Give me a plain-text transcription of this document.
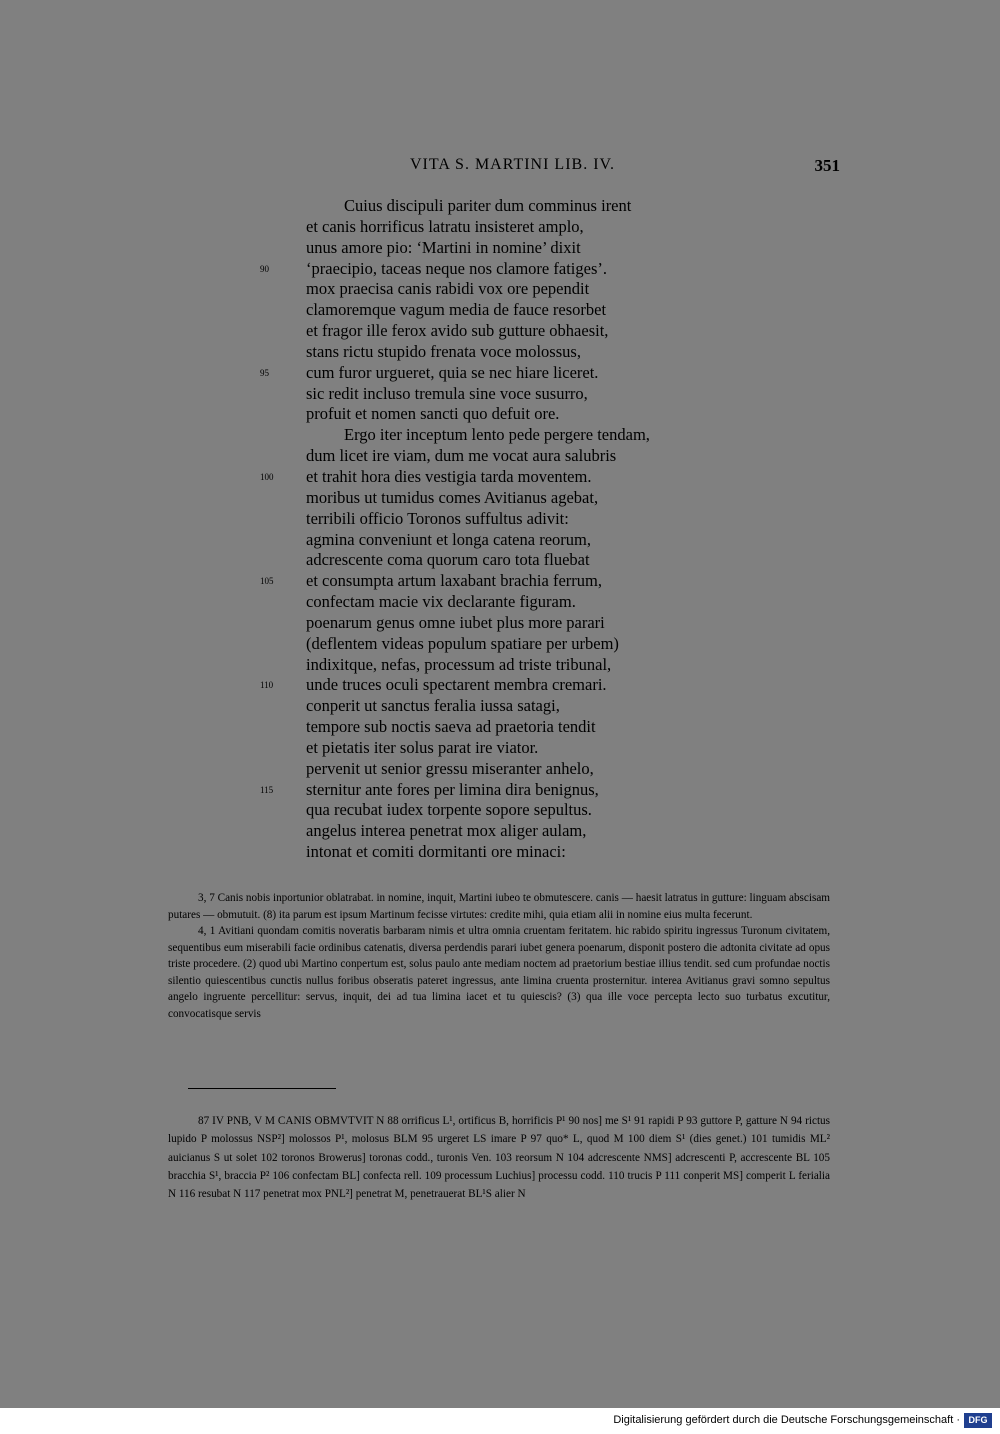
VITA S. MARTINI LIB. IV.	351
Cuius discipuli pariter dum comminus irent
et canis horrificus latratu insisteret amplo,
unus amore pio: ‘Martini in nomine’ dixit
90	‘praecipio, taceas neque nos clamore fatiges’.
mox praecisa canis rabidi vox ore pependit
clamoremque vagum media de fauce resorbet
et fragor ille ferox avido sub gutture obhaesit,
stans rictu stupido frenata voce molossus,
95	cum furor urgueret, quia se nec hiare liceret.
sic redit incluso tremula sine voce susurro,
profuit et nomen sancti quo defuit ore.
Ergo iter inceptum lento pede pergere tendam,
dum licet ire viam, dum me vocat aura salubris
100	et trahit hora dies vestigia tarda moventem.
moribus ut tumidus comes Avitianus agebat,
terribili officio Toronos suffultus adivit:
agmina conveniunt et longa catena reorum,
adcrescente coma quorum caro tota fluebat
105	et consumpta artum laxabant brachia ferrum,
confectam macie vix declarante figuram.
poenarum genus omne iubet plus more parari
(deflentem videas populum spatiare per urbem)
indixitque, nefas, processum ad triste tribunal,
110	unde truces oculi spectarent membra cremari.
conperit ut sanctus feralia iussa satagi,
tempore sub noctis saeva ad praetoria tendit
et pietatis iter solus parat ire viator.
pervenit ut senior gressu miseranter anhelo,
115	sternitur ante fores per limina dira benignus,
qua recubat iudex torpente sopore sepultus.
angelus interea penetrat mox aliger aulam,
intonat et comiti dormitanti ore minaci:

3, 7 Canis nobis inportunior oblatrabat. in nomine, inquit, Martini iubeo te obmutescere. canis — haesit latratus in gutture: linguam abscisam putares — obmutuit. (8) ita parum est ipsum Martinum fecisse virtutes: credite mihi, quia etiam alii in nomine eius multa fecerunt.

4, 1 Avitiani quondam comitis noveratis barbaram nimis et ultra omnia cruentam feritatem. hic rabido spiritu ingressus Turonum civitatem, sequentibus eum miserabili facie ordinibus catenatis, diversa perdendis parari iubet genera poenarum, disponit postero die adtonita civitate ad opus triste procedere. (2) quod ubi Martino conpertum est, solus paulo ante mediam noctem ad praetorium bestiae illius tendit. sed cum profundae noctis silentio quiescentibus cunctis nullus foribus obseratis pateret ingressus, ante limina cruenta prosternitur. interea Avitianus gravi somno sepultus angelo ingruente percellitur: servus, inquit, dei ad tua limina iacet et tu quiescis? (3) qua ille voce percepta lecto suo turbatus excutitur, convocatisque servis

87 IV PNB, V M CANIS OBMVTVIT N 88 orrificus L¹, ortificus B, horrificis P¹ 90 nos] me S¹ 91 rapidi P 93 guttore P, gatture N 94 rictus lupido P molossus NSP²] molossos P¹, molosus BLM 95 urgeret LS imare P 97 quo* L, quod M 100 diem S¹ (dies genet.) 101 tumidis ML² auicianus S ut solet 102 toronos Browerus] toronas codd., turonis Ven. 103 reorsum N 104 adcrescente NMS] adcrescenti P, accrescente BL 105 bracchia S¹, braccia P² 106 confectam BL] confecta rell. 109 processum Luchius] processu codd. 110 trucis P 111 conperit MS] comperit L ferialia N 116 resubat N 117 penetrat mox PNL²] penetrat M, penetrauerat BL¹S alier N

Digitalisierung gefördert durch die Deutsche Forschungsgemeinschaft · DFG
